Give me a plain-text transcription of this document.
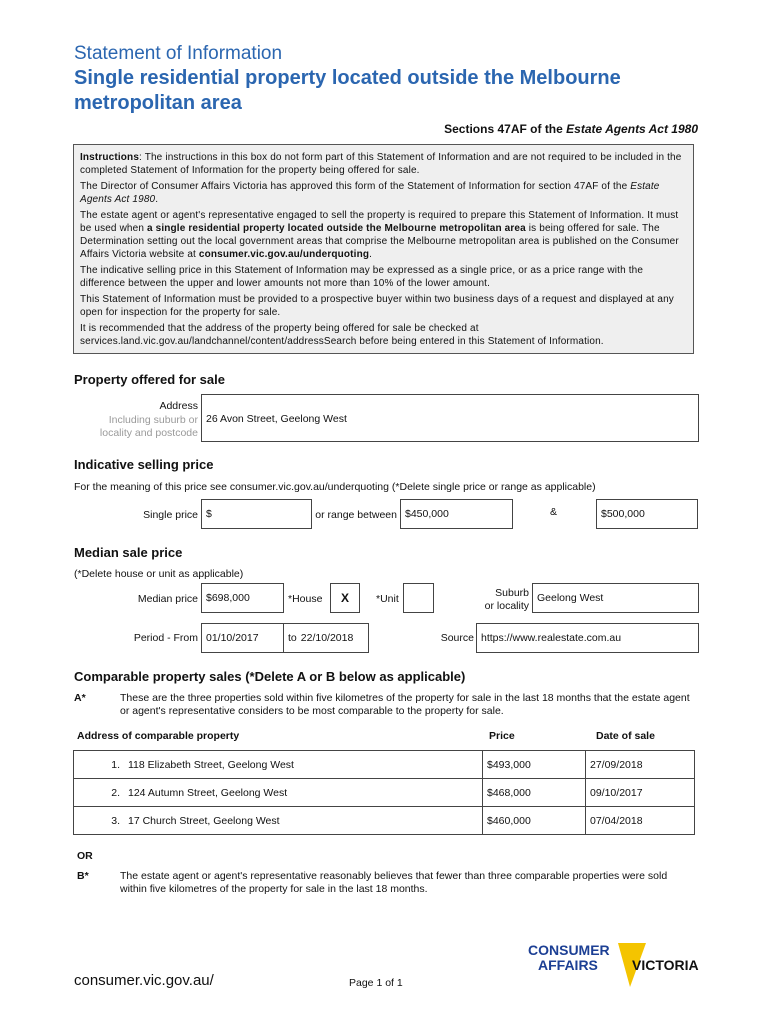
Statement of Information
Single residential property located outside the Melbourne metropolitan area
Sections 47AF of the Estate Agents Act 1980

Instructions: The instructions in this box do not form part of this Statement of Information and are not required to be included in the completed Statement of Information for the property being offered for sale.

The Director of Consumer Affairs Victoria has approved this form of the Statement of Information for section 47AF of the Estate Agents Act 1980.

The estate agent or agent's representative engaged to sell the property is required to prepare this Statement of Information. It must be used when a single residential property located outside the Melbourne metropolitan area is being offered for sale. The Determination setting out the local government areas that comprise the Melbourne metropolitan area is published on the Consumer Affairs Victoria website at consumer.vic.gov.au/underquoting.

The indicative selling price in this Statement of Information may be expressed as a single price, or as a price range with the difference between the upper and lower amounts not more than 10% of the lower amount.

This Statement of Information must be provided to a prospective buyer within two business days of a request and displayed at any open for inspection for the property for sale.

It is recommended that the address of the property being offered for sale be checked at services.land.vic.gov.au/landchannel/content/addressSearch before being entered in this Statement of Information.

Property offered for sale
Address
Including suburb or
locality and postcode
26 Avon Street, Geelong West
Indicative selling price
For the meaning of this price see consumer.vic.gov.au/underquoting (*Delete single price or range as applicable)
Single price $	or range between $450,000	&	$500,000
Median sale price
(*Delete house or unit as applicable)
Median price $698,000	*House X	*Unit	Suburb
or locality
Geelong West
Period - From 01/10/2017	to 22/10/2018	Source https://www.realestate.com.au
Comparable property sales (*Delete A or B below as applicable)
A*	These are the three properties sold within five kilometres of the property for sale in the last 18 months that the estate agent or agent's representative considers to be most comparable to the property for sale.
Address of comparable property	Price	Date of sale
1. 118 Elizabeth Street, Geelong West	$493,000	27/09/2018
2. 124 Autumn Street, Geelong West	$468,000	09/10/2017
3. 17 Church Street, Geelong West	$460,000	07/04/2018
OR
B*	The estate agent or agent's representative reasonably believes that fewer than three comparable properties were sold within five kilometres of the property for sale in the last 18 months.
consumer.vic.gov.au/	Page 1 of 1
CONSUMER
AFFAIRS VICTORIA
